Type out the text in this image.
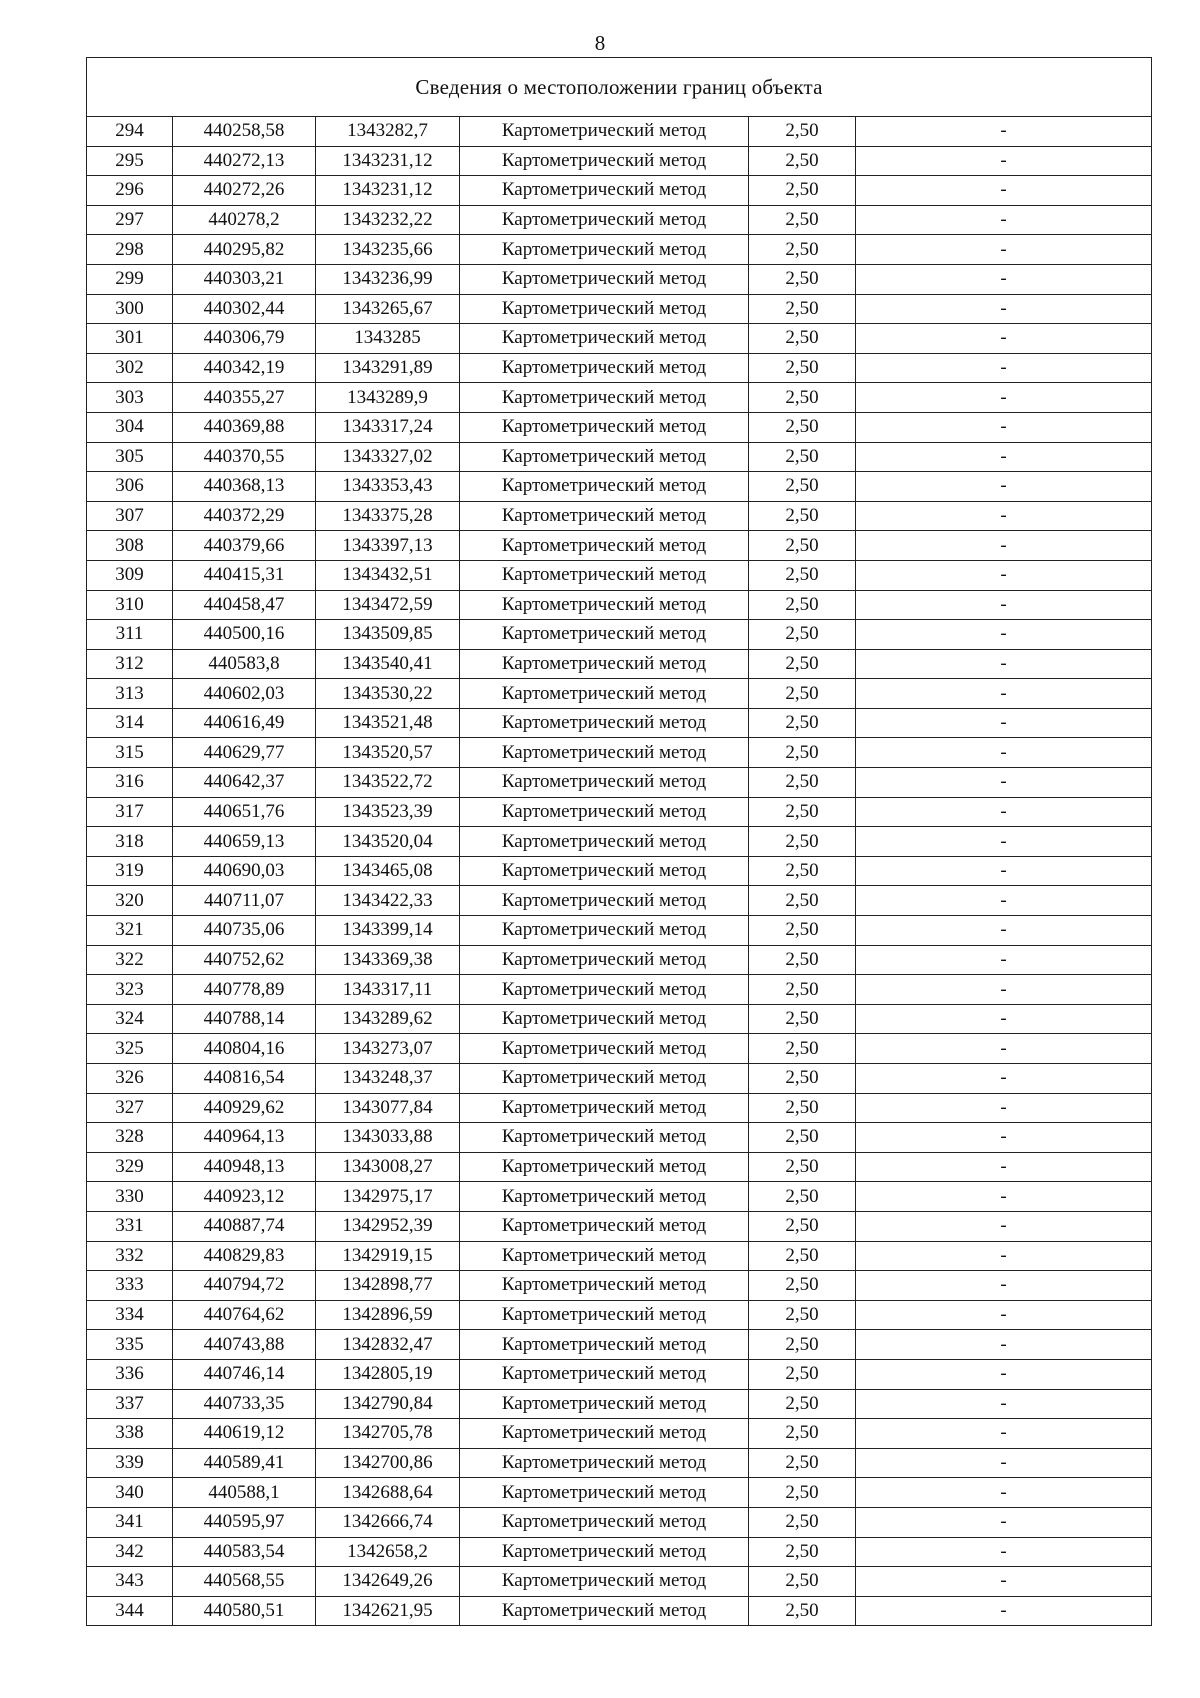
8
Сведения о местоположении границ объекта					
294	440258,58	1343282,7	Картометрический метод	2,50	-
295	440272,13	1343231,12	Картометрический метод	2,50	-
296	440272,26	1343231,12	Картометрический метод	2,50	-
297	440278,2	1343232,22	Картометрический метод	2,50	-
298	440295,82	1343235,66	Картометрический метод	2,50	-
299	440303,21	1343236,99	Картометрический метод	2,50	-
300	440302,44	1343265,67	Картометрический метод	2,50	-
301	440306,79	1343285	Картометрический метод	2,50	-
302	440342,19	1343291,89	Картометрический метод	2,50	-
303	440355,27	1343289,9	Картометрический метод	2,50	-
304	440369,88	1343317,24	Картометрический метод	2,50	-
305	440370,55	1343327,02	Картометрический метод	2,50	-
306	440368,13	1343353,43	Картометрический метод	2,50	-
307	440372,29	1343375,28	Картометрический метод	2,50	-
308	440379,66	1343397,13	Картометрический метод	2,50	-
309	440415,31	1343432,51	Картометрический метод	2,50	-
310	440458,47	1343472,59	Картометрический метод	2,50	-
311	440500,16	1343509,85	Картометрический метод	2,50	-
312	440583,8	1343540,41	Картометрический метод	2,50	-
313	440602,03	1343530,22	Картометрический метод	2,50	-
314	440616,49	1343521,48	Картометрический метод	2,50	-
315	440629,77	1343520,57	Картометрический метод	2,50	-
316	440642,37	1343522,72	Картометрический метод	2,50	-
317	440651,76	1343523,39	Картометрический метод	2,50	-
318	440659,13	1343520,04	Картометрический метод	2,50	-
319	440690,03	1343465,08	Картометрический метод	2,50	-
320	440711,07	1343422,33	Картометрический метод	2,50	-
321	440735,06	1343399,14	Картометрический метод	2,50	-
322	440752,62	1343369,38	Картометрический метод	2,50	-
323	440778,89	1343317,11	Картометрический метод	2,50	-
324	440788,14	1343289,62	Картометрический метод	2,50	-
325	440804,16	1343273,07	Картометрический метод	2,50	-
326	440816,54	1343248,37	Картометрический метод	2,50	-
327	440929,62	1343077,84	Картометрический метод	2,50	-
328	440964,13	1343033,88	Картометрический метод	2,50	-
329	440948,13	1343008,27	Картометрический метод	2,50	-
330	440923,12	1342975,17	Картометрический метод	2,50	-
331	440887,74	1342952,39	Картометрический метод	2,50	-
332	440829,83	1342919,15	Картометрический метод	2,50	-
333	440794,72	1342898,77	Картометрический метод	2,50	-
334	440764,62	1342896,59	Картометрический метод	2,50	-
335	440743,88	1342832,47	Картометрический метод	2,50	-
336	440746,14	1342805,19	Картометрический метод	2,50	-
337	440733,35	1342790,84	Картометрический метод	2,50	-
338	440619,12	1342705,78	Картометрический метод	2,50	-
339	440589,41	1342700,86	Картометрический метод	2,50	-
340	440588,1	1342688,64	Картометрический метод	2,50	-
341	440595,97	1342666,74	Картометрический метод	2,50	-
342	440583,54	1342658,2	Картометрический метод	2,50	-
343	440568,55	1342649,26	Картометрический метод	2,50	-
344	440580,51	1342621,95	Картометрический метод	2,50	-
